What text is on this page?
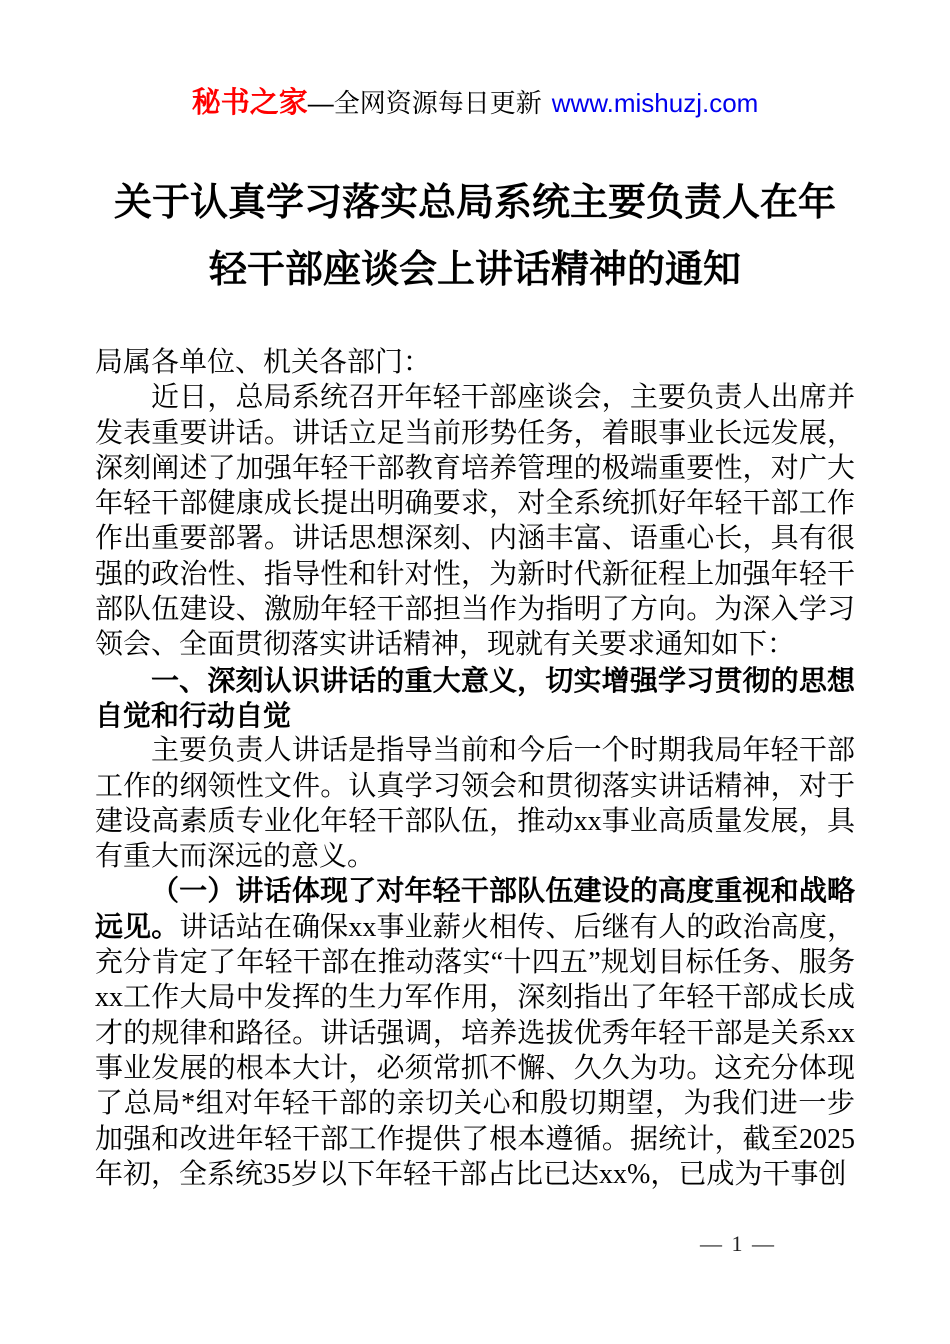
秘书之家—全网资源每日更新 www.mishuzj.com
关于认真学习落实总局系统主要负责人在年
轻干部座谈会上讲话精神的通知

局属各单位、机关各部门：

近日，总局系统召开年轻干部座谈会，主要负责人出席并发表重要讲话。讲话立足当前形势任务，着眼事业长远发展，深刻阐述了加强年轻干部教育培养管理的极端重要性，对广大年轻干部健康成长提出明确要求，对全系统抓好年轻干部工作作出重要部署。讲话思想深刻、内涵丰富、语重心长，具有很强的政治性、指导性和针对性，为新时代新征程上加强年轻干部队伍建设、激励年轻干部担当作为指明了方向。为深入学习领会、全面贯彻落实讲话精神，现就有关要求通知如下：

一、深刻认识讲话的重大意义，切实增强学习贯彻的思想自觉和行动自觉

主要负责人讲话是指导当前和今后一个时期我局年轻干部工作的纲领性文件。认真学习领会和贯彻落实讲话精神，对于建设高素质专业化年轻干部队伍，推动xx事业高质量发展，具有重大而深远的意义。

（一）讲话体现了对年轻干部队伍建设的高度重视和战略远见。讲话站在确保xx事业薪火相传、后继有人的政治高度，充分肯定了年轻干部在推动落实“十四五”规划目标任务、服务xx工作大局中发挥的生力军作用，深刻指出了年轻干部成长成才的规律和路径。讲话强调，培养选拔优秀年轻干部是关系xx事业发展的根本大计，必须常抓不懈、久久为功。这充分体现了总局*组对年轻干部的亲切关心和殷切期望，为我们进一步加强和改进年轻干部工作提供了根本遵循。据统计，截至2025年初，全系统35岁以下年轻干部占比已达xx%，已成为干事创

— 1 —
